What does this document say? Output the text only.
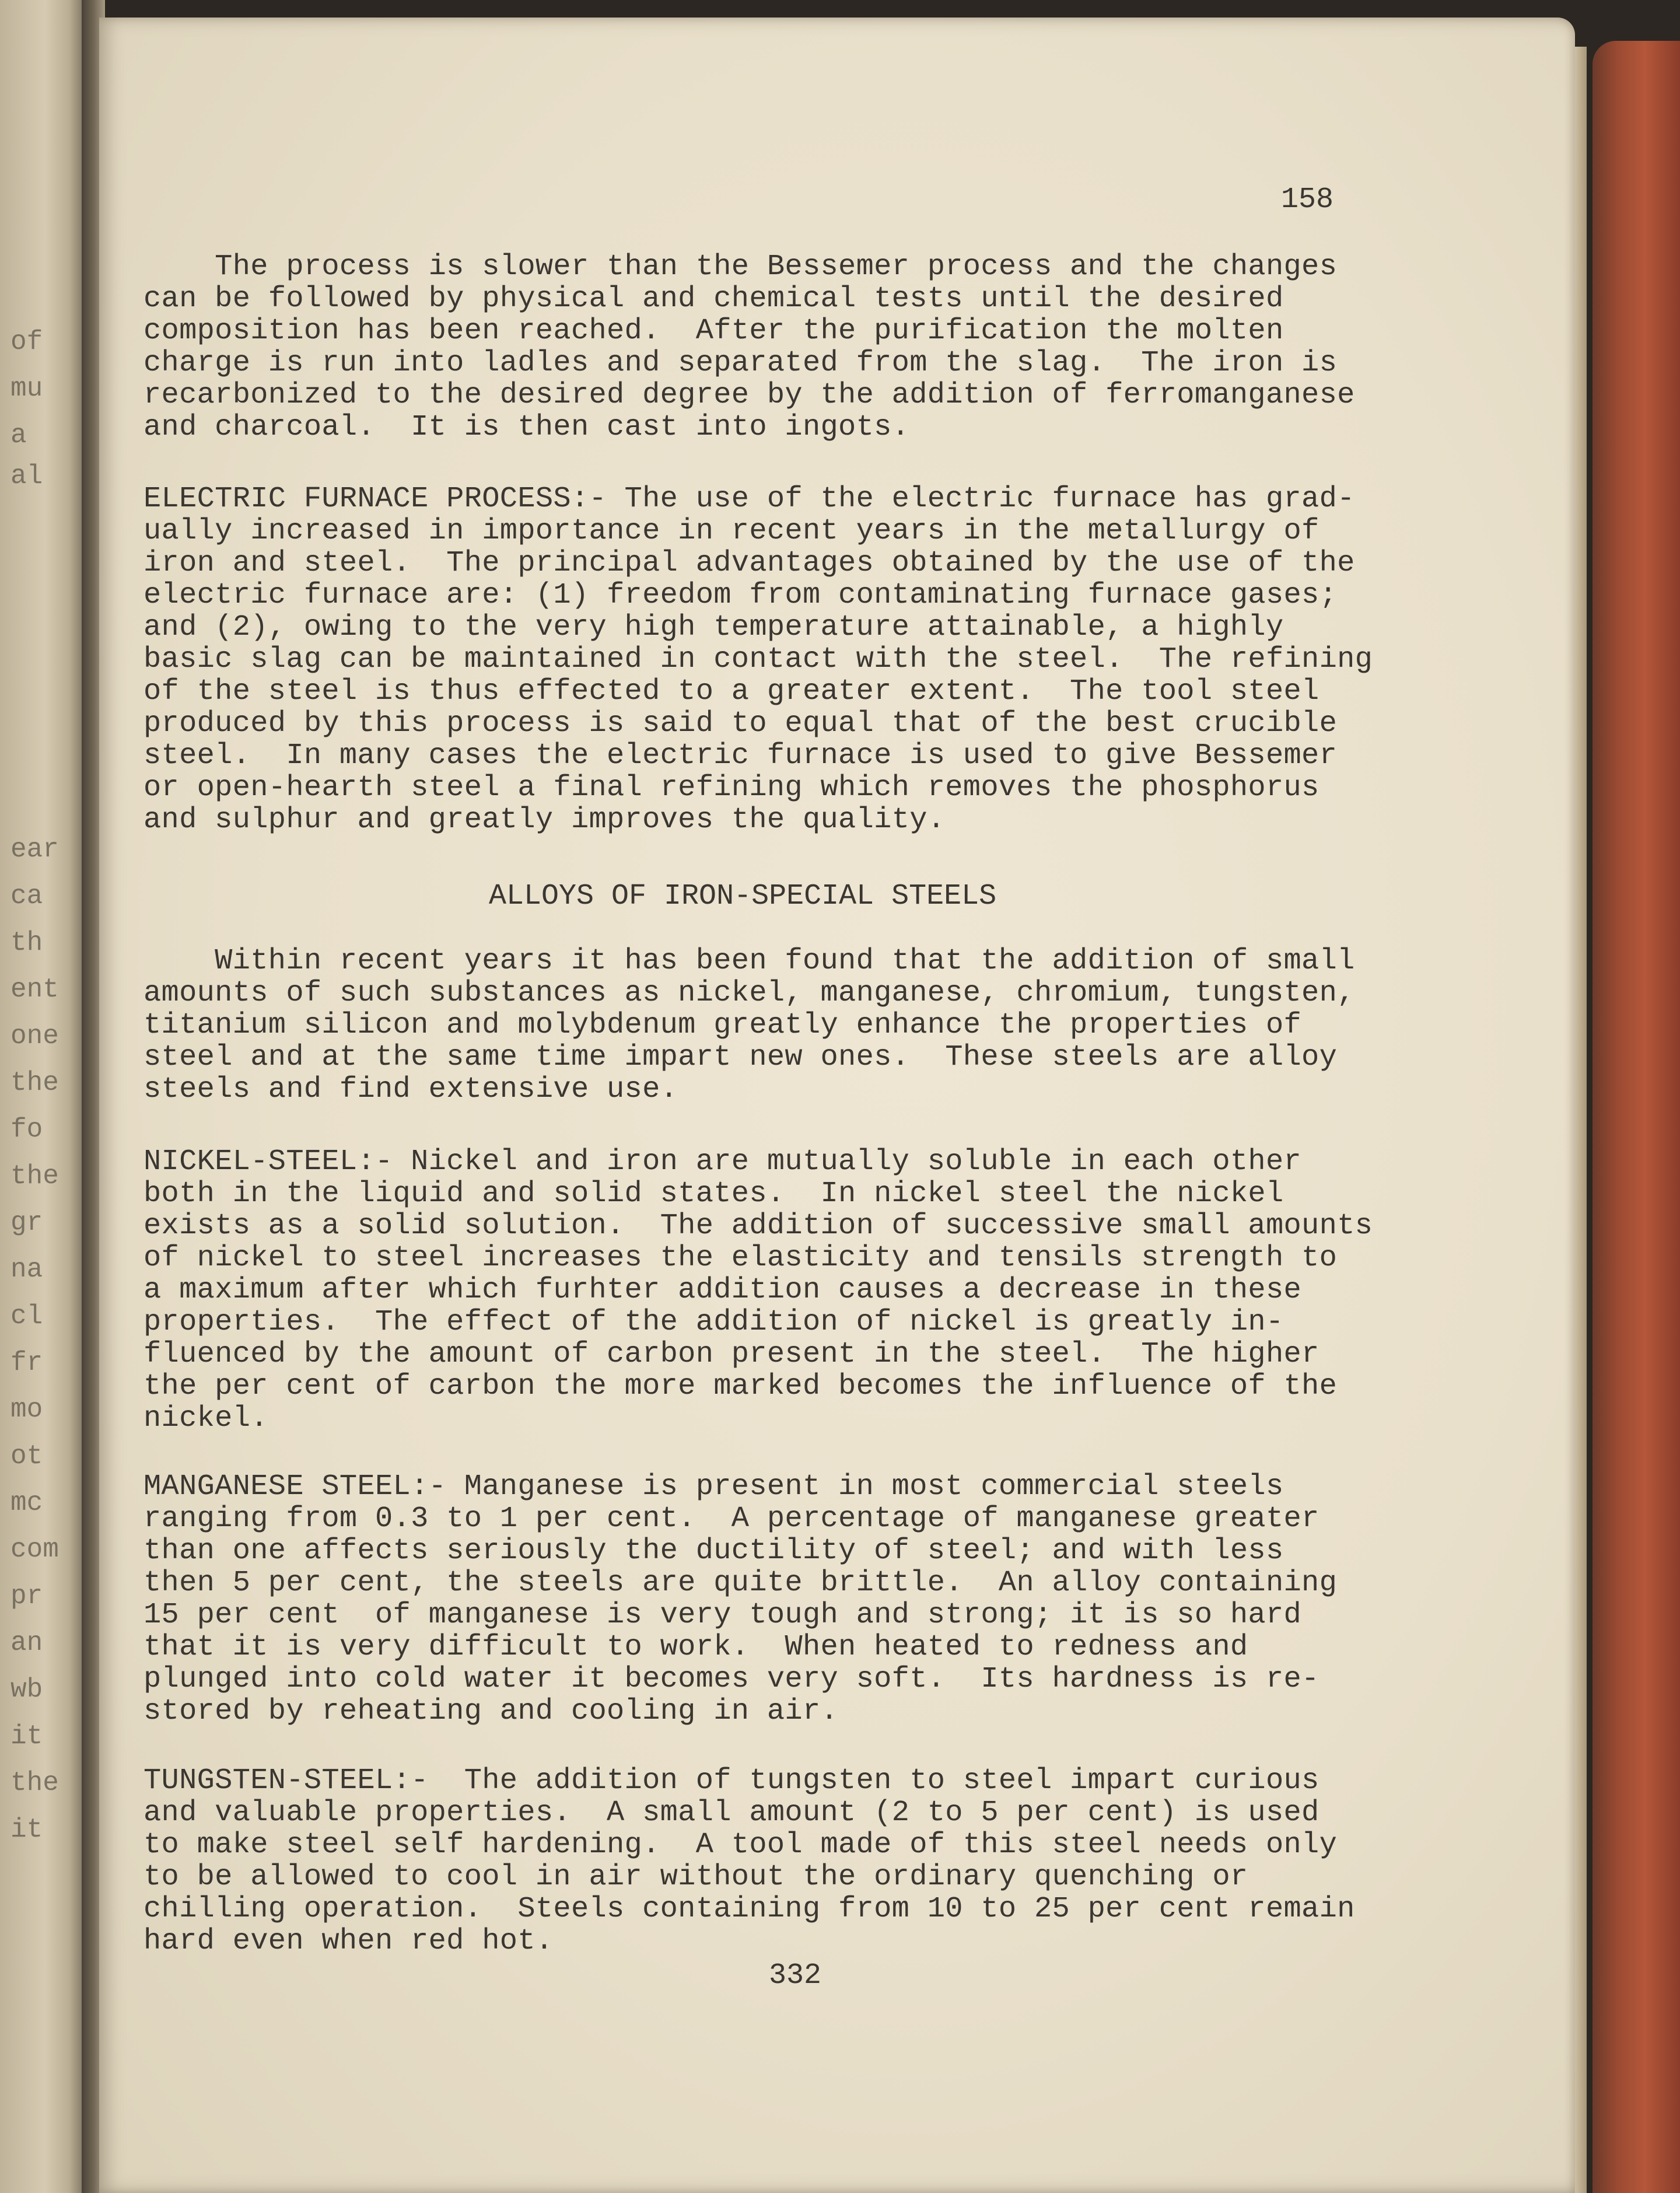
of
mu
a
al
ear
ca
th
ent
one
the
fo
the
gr
na
cl
fr
mo
ot
mc
com
pr
an
wb
it
the
it
158
The process is slower than the Bessemer process and the changes
can be followed by physical and chemical tests until the desired
composition has been reached.  After the purification the molten
charge is run into ladles and separated from the slag.  The iron is
recarbonized to the desired degree by the addition of ferromanganese
and charcoal.  It is then cast into ingots.
ELECTRIC FURNACE PROCESS:- The use of the electric furnace has grad-
ually increased in importance in recent years in the metallurgy of
iron and steel.  The principal advantages obtained by the use of the
electric furnace are: (1) freedom from contaminating furnace gases;
and (2), owing to the very high temperature attainable, a highly
basic slag can be maintained in contact with the steel.  The refining
of the steel is thus effected to a greater extent.  The tool steel
produced by this process is said to equal that of the best crucible
steel.  In many cases the electric furnace is used to give Bessemer
or open-hearth steel a final refining which removes the phosphorus
and sulphur and greatly improves the quality.
ALLOYS OF IRON-SPECIAL STEELS
Within recent years it has been found that the addition of small
amounts of such substances as nickel, manganese, chromium, tungsten,
titanium silicon and molybdenum greatly enhance the properties of
steel and at the same time impart new ones.  These steels are alloy
steels and find extensive use.
NICKEL-STEEL:- Nickel and iron are mutually soluble in each other
both in the liquid and solid states.  In nickel steel the nickel
exists as a solid solution.  The addition of successive small amounts
of nickel to steel increases the elasticity and tensils strength to
a maximum after which furhter addition causes a decrease in these
properties.  The effect of the addition of nickel is greatly in-
fluenced by the amount of carbon present in the steel.  The higher
the per cent of carbon the more marked becomes the influence of the
nickel.
MANGANESE STEEL:- Manganese is present in most commercial steels
ranging from 0.3 to 1 per cent.  A percentage of manganese greater
than one affects seriously the ductility of steel; and with less
then 5 per cent, the steels are quite brittle.  An alloy containing
15 per cent  of manganese is very tough and strong; it is so hard
that it is very difficult to work.  When heated to redness and
plunged into cold water it becomes very soft.  Its hardness is re-
stored by reheating and cooling in air.
TUNGSTEN-STEEL:-  The addition of tungsten to steel impart curious
and valuable properties.  A small amount (2 to 5 per cent) is used
to make steel self hardening.  A tool made of this steel needs only
to be allowed to cool in air without the ordinary quenching or
chilling operation.  Steels containing from 10 to 25 per cent remain
hard even when red hot.
332
